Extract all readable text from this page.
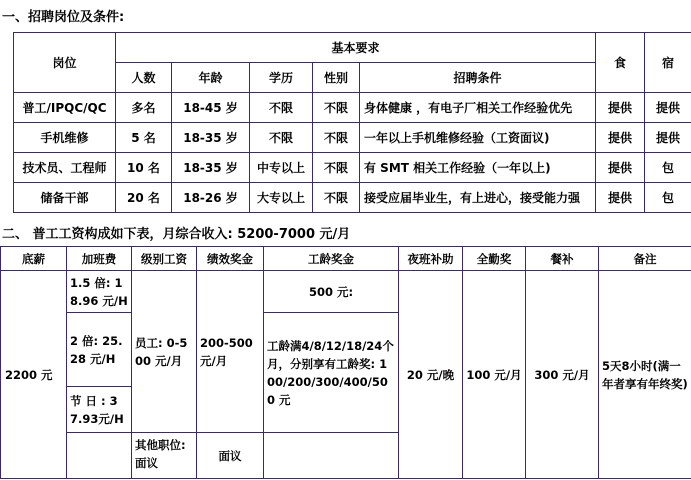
一、招聘岗位及条件:
岗位	基本要求					食	宿
	人数	年龄	学历	性别	招聘条件		
普工/IPQC/QC	多名	18-45 岁	不限	不限	身体健康 ，有电子厂相关工作经验优先	提供	提供
手机维修	5 名	18-35 岁	不限	不限	一年以上手机维修经验（工资面议)	提供	提供
技术员、工程师	10 名	18-35 岁	中专以上	不限	有 SMT 相关工作经验（一年以上)	提供	包
储备干部	20 名	18-26 岁	大专以上	不限	接受应届毕业生，有上进心，接受能力强	提供	包
二、 普工工资构成如下表，月综合收入: 5200-7000 元/月
底薪	加班费	级别工资	绩效奖金	工龄奖金	夜班补助	全勤奖	餐补	备注
2200 元	1.5 倍: 18.96 元/H	员工: 0-500 元/月	200-500 元/月	500 元:	20 元/晚	100 元/月	300 元/月	5天8小时(满一年者享有年终奖)
	2 倍: 25.28 元/H			工龄满4/8/12/18/24个月，分别享有工龄奖: 100/200/300/400/500 元				
	节 日 : 37.93元/H							

		其他职位: 面议	面议					
